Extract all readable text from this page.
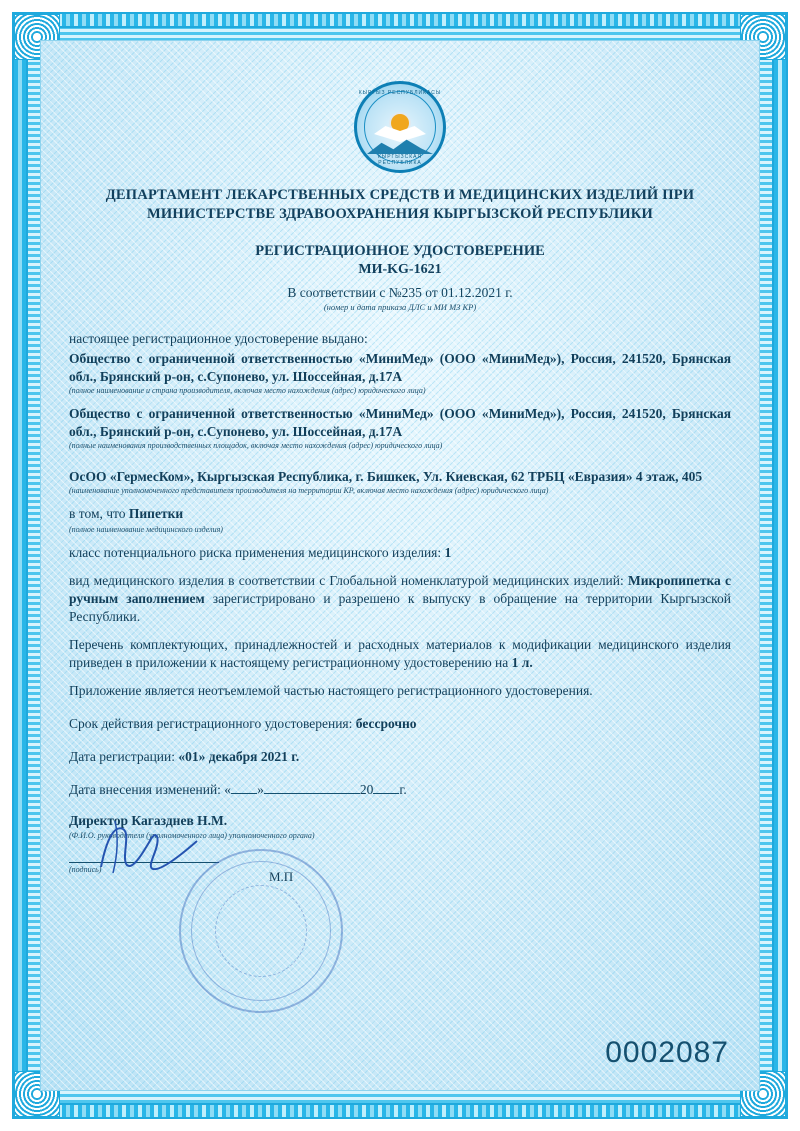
КЫРГЫЗ РЕСПУБЛИКАСЫ
КЫРГЫЗСКАЯ РЕСПУБЛИКА
ДЕПАРТАМЕНТ ЛЕКАРСТВЕННЫХ СРЕДСТВ И МЕДИЦИНСКИХ ИЗДЕЛИЙ ПРИ МИНИСТЕРСТВЕ ЗДРАВООХРАНЕНИЯ КЫРГЫЗСКОЙ РЕСПУБЛИКИ
РЕГИСТРАЦИОННОЕ УДОСТОВЕРЕНИЕ
МИ-KG-1621
В соответствии с №235 от 01.12.2021 г.
(номер и дата приказа ДЛС и МИ МЗ КР)

настоящее регистрационное удостоверение выдано:

Общество с ограниченной ответственностью «МиниМед» (ООО «МиниМед»), Россия, 241520, Брянская обл., Брянский р-он, с.Супонево, ул. Шоссейная, д.17А

(полное наименование и страна производителя, включая место нахождения (адрес) юридического лица)

Общество с ограниченной ответственностью «МиниМед» (ООО «МиниМед»), Россия, 241520, Брянская обл., Брянский р-он, с.Супонево, ул. Шоссейная, д.17А

(полные наименования производственных площадок, включая место нахождения (адрес) юридического лица)

ОсОО «ГермесКом», Кыргызская Республика, г. Бишкек, Ул. Киевская, 62 ТРБЦ «Евразия» 4 этаж, 405

(наименование уполномоченного представителя производителя на территории КР, включая место нахождения (адрес) юридического лица)

в том, что Пипетки

(полное наименование медицинского изделия)

класс потенциального риска применения медицинского изделия: 1

вид медицинского изделия в соответствии с Глобальной номенклатурой медицинских изделий: Микропипетка с ручным заполнением зарегистрировано и разрешено к выпуску в обращение на территории Кыргызской Республики.

Перечень комплектующих, принадлежностей и расходных материалов к модификации медицинского изделия приведен в приложении к настоящему регистрационному удостоверению на 1 л.

Приложение является неотъемлемой частью настоящего регистрационного удостоверения.

Срок действия регистрационного удостоверения: бессрочно

Дата регистрации: «01» декабря 2021 г.

Дата внесения изменений: « »	20 г.

Директор Кагазднев Н.М.
(Ф.И.О. руководителя (уполномоченного лица) уполномоченного органа)
(подпись)	М.П
0002087
